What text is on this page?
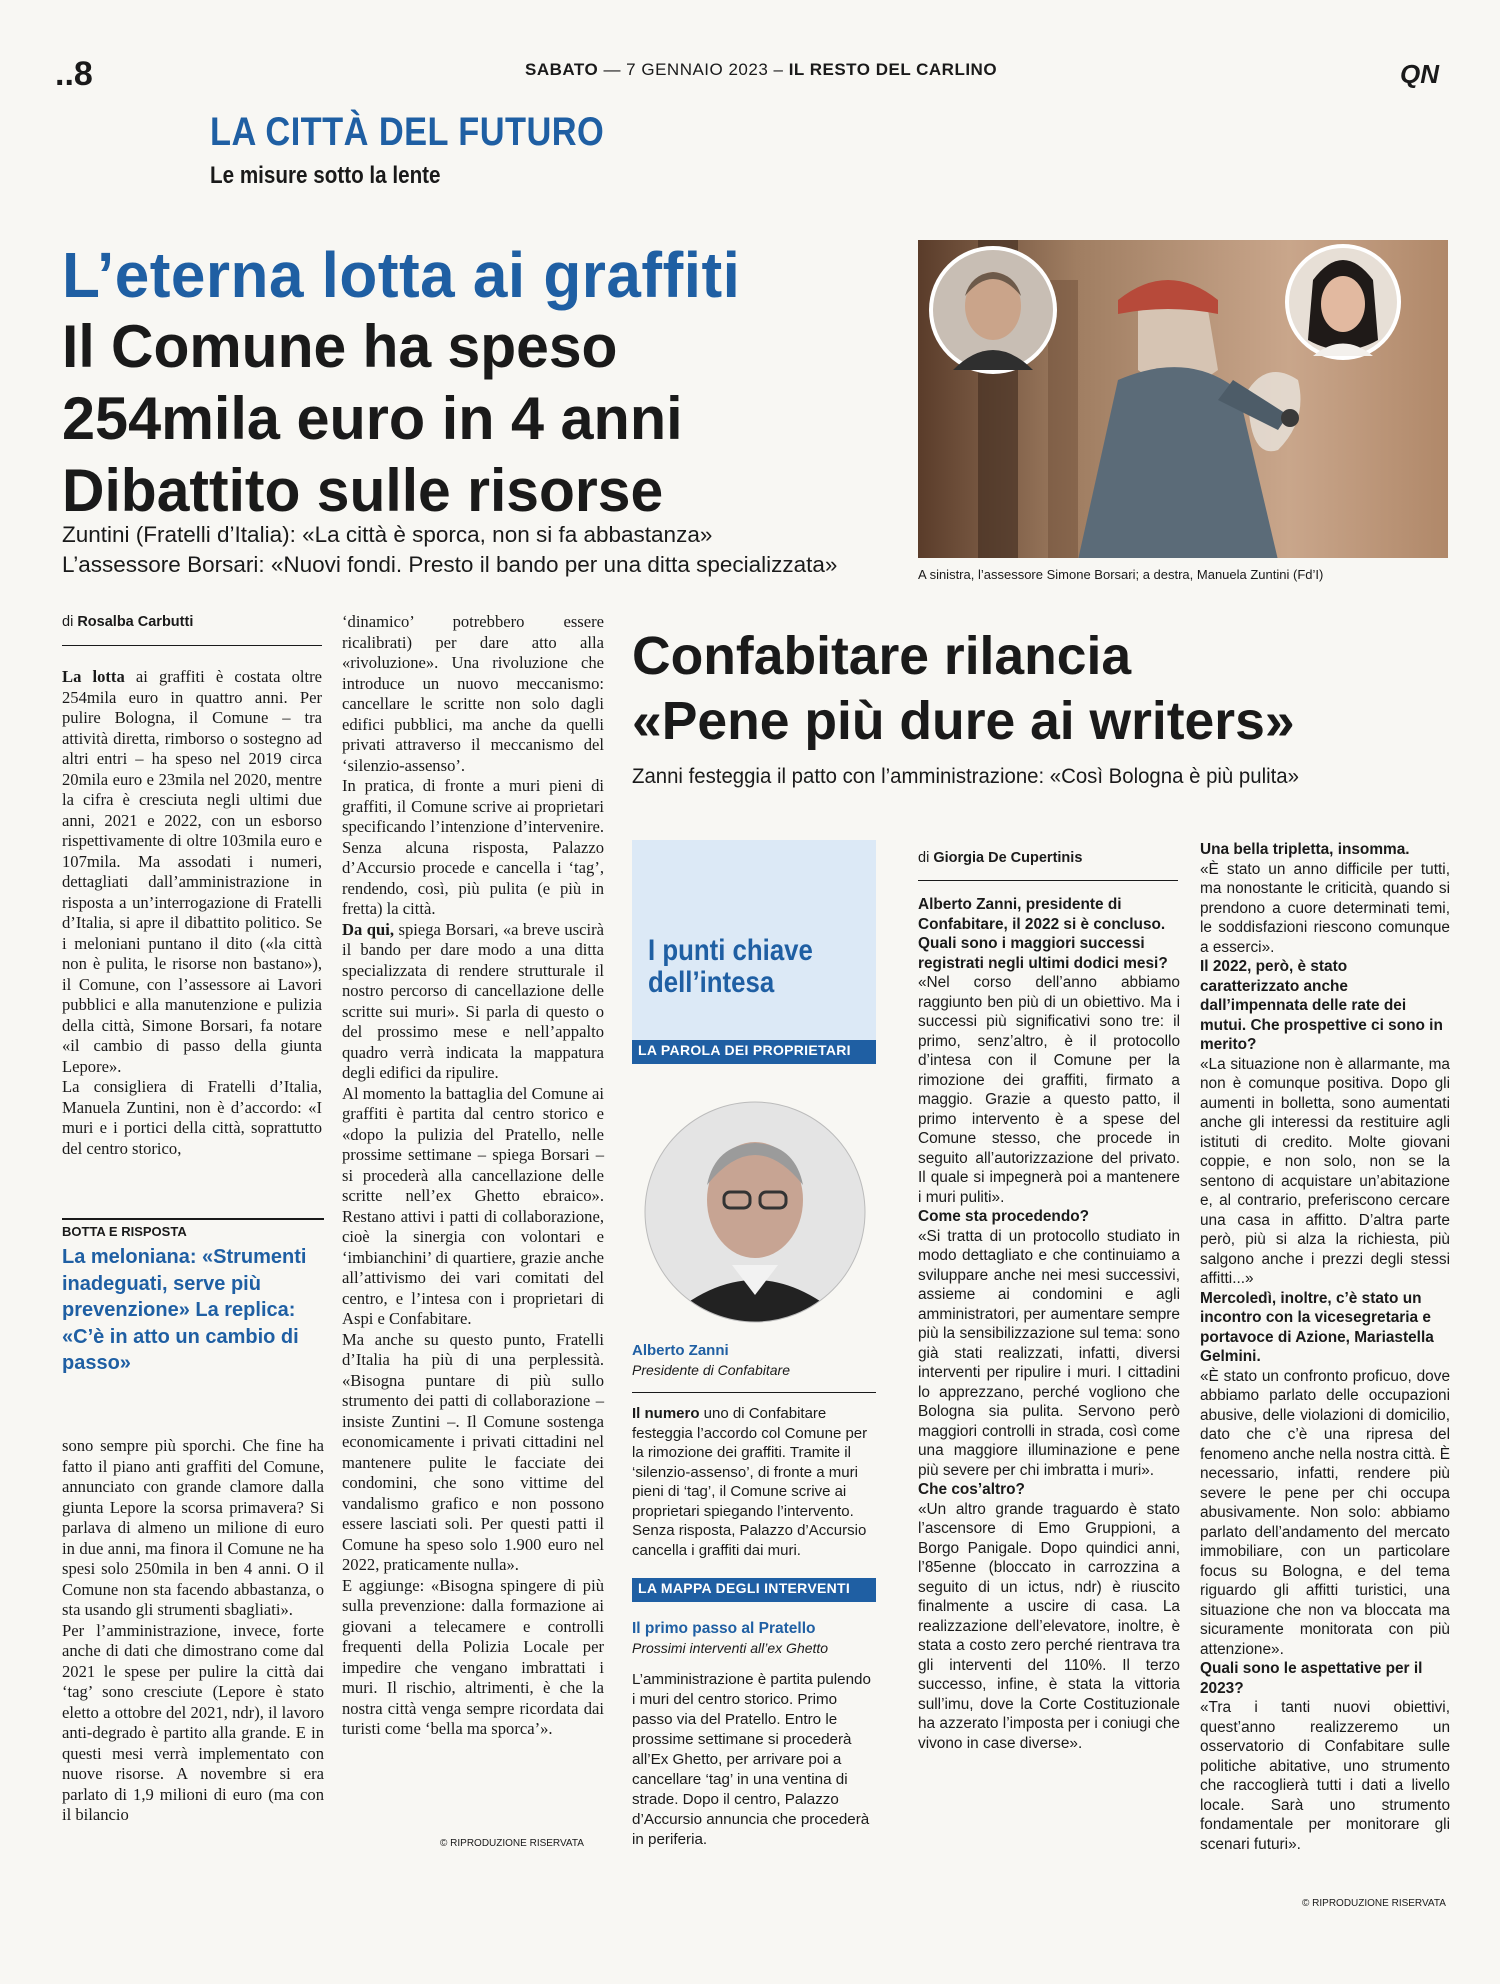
..8	SABATO — 7 GENNAIO 2023 – IL RESTO DEL CARLINO	QN
LA CITTÀ DEL FUTURO
Le misure sotto la lente
L’eterna lotta ai graffiti
Il Comune ha speso
254mila euro in 4 anni
Dibattito sulle risorse
Zuntini (Fratelli d’Italia): «La città è sporca, non si fa abbastanza»
L’assessore Borsari: «Nuovi fondi. Presto il bando per una ditta specializzata»	A sinistra, l’assessore Simone Borsari; a destra, Manuela Zuntini (Fd’I)
di Rosalba Carbutti

La lotta ai graffiti è costata oltre 254mila euro in quattro anni. Per pulire Bologna, il Comune – tra attività diretta, rimborso o sostegno ad altri entri – ha speso nel 2019 circa 20mila euro e 23mila nel 2020, mentre la cifra è cresciuta negli ultimi due anni, 2021 e 2022, con un esborso rispettivamente di oltre 103mila euro e 107mila. Ma assodati i numeri, dettagliati dall’amministrazione in risposta a un’interrogazione di Fratelli d’Italia, si apre il dibattito politico. Se i meloniani puntano il dito («la città non è pulita, le risorse non bastano»), il Comune, con l’assessore ai Lavori pubblici e alla manutenzione e pulizia della città, Simone Borsari, fa notare «il cambio di passo della giunta Lepore».

La consigliera di Fratelli d’Italia, Manuela Zuntini, non è d’accordo: «I muri e i portici della città, soprattutto del centro storico,

BOTTA E RISPOSTA
La meloniana: «Strumenti inadeguati, serve più prevenzione» La replica: «C’è in atto un cambio di passo»

sono sempre più sporchi. Che fine ha fatto il piano anti graffiti del Comune, annunciato con grande clamore dalla giunta Lepore la scorsa primavera? Si parlava di almeno un milione di euro in due anni, ma finora il Comune ne ha spesi solo 250mila in ben 4 anni. O il Comune non sta facendo abbastanza, o sta usando gli strumenti sbagliati».

Per l’amministrazione, invece, forte anche di dati che dimostrano come dal 2021 le spese per pulire la città dai ‘tag’ sono cresciute (Lepore è stato eletto a ottobre del 2021, ndr), il lavoro anti-degrado è partito alla grande. E in questi mesi verrà implementato con nuove risorse. A novembre si era parlato di 1,9 milioni di euro (ma con il bilancio

‘dinamico’ potrebbero essere ricalibrati) per dare atto alla «rivoluzione». Una rivoluzione che introduce un nuovo meccanismo: cancellare le scritte non solo dagli edifici pubblici, ma anche da quelli privati attraverso il meccanismo del ‘silenzio-assenso’.

In pratica, di fronte a muri pieni di graffiti, il Comune scrive ai proprietari specificando l’intenzione d’intervenire. Senza alcuna risposta, Palazzo d’Accursio procede e cancella i ‘tag’, rendendo, così, più pulita (e più in fretta) la città.

Da qui, spiega Borsari, «a breve uscirà il bando per dare modo a una ditta specializzata di rendere strutturale il nostro percorso di cancellazione delle scritte sui muri». Si parla di questo o del prossimo mese e nell’appalto quadro verrà indicata la mappatura degli edifici da ripulire.

Al momento la battaglia del Comune ai graffiti è partita dal centro storico e «dopo la pulizia del Pratello, nelle prossime settimane – spiega Borsari – si procederà alla cancellazione delle scritte nell’ex Ghetto ebraico». Restano attivi i patti di collaborazione, cioè la sinergia con volontari e ‘imbianchini’ di quartiere, grazie anche all’attivismo dei vari comitati del centro, e l’intesa con i proprietari di Aspi e Confabitare.

Ma anche su questo punto, Fratelli d’Italia ha più di una perplessità. «Bisogna puntare di più sullo strumento dei patti di collaborazione – insiste Zuntini –. Il Comune sostenga economicamente i privati cittadini nel mantenere pulite le facciate dei condomini, che sono vittime del vandalismo grafico e non possono essere lasciati soli. Per questi patti il Comune ha speso solo 1.900 euro nel 2022, praticamente nulla».

E aggiunge: «Bisogna spingere di più sulla prevenzione: dalla formazione ai giovani a telecamere e controlli frequenti della Polizia Locale per impedire che vengano imbrattati i muri. Il rischio, altrimenti, è che la nostra città venga sempre ricordata dai turisti come ‘bella ma sporca’».

© RIPRODUZIONE RISERVATA
Confabitare rilancia
«Pene più dure ai writers»
Zanni festeggia il patto con l’amministrazione: «Così Bologna è più pulita»
I punti chiave
dell’intesa
LA PAROLA DEI PROPRIETARI
Alberto Zanni
Presidente di Confabitare
Il numero uno di Confabitare festeggia l’accordo col Comune per la rimozione dei graffiti. Tramite il ‘silenzio-assenso’, di fronte a muri pieni di ‘tag’, il Comune scrive ai proprietari spiegando l’intervento. Senza risposta, Palazzo d’Accursio cancella i graffiti dai muri.
LA MAPPA DEGLI INTERVENTI
Il primo passo al Pratello
Prossimi interventi all’ex Ghetto
L’amministrazione è partita pulendo i muri del centro storico. Primo passo via del Pratello. Entro le prossime settimane si procederà all’Ex Ghetto, per arrivare poi a cancellare ‘tag’ in una ventina di strade. Dopo il centro, Palazzo d’Accursio annuncia che procederà in periferia.
di Giorgia De Cupertinis

Alberto Zanni, presidente di Confabitare, il 2022 si è concluso. Quali sono i maggiori successi registrati negli ultimi dodici mesi?

«Nel corso dell’anno abbiamo raggiunto ben più di un obiettivo. Ma i successi più significativi sono tre: il primo, senz’altro, è il protocollo d’intesa con il Comune per la rimozione dei graffiti, firmato a maggio. Grazie a questo patto, il primo intervento è a spese del Comune stesso, che procede in seguito all’autorizzazione del privato. Il quale si impegnerà poi a mantenere i muri puliti».

Come sta procedendo?

«Si tratta di un protocollo studiato in modo dettagliato e che continuiamo a sviluppare anche nei mesi successivi, assieme ai condomini e agli amministratori, per aumentare sempre più la sensibilizzazione sul tema: sono già stati realizzati, infatti, diversi interventi per ripulire i muri. I cittadini lo apprezzano, perché vogliono che Bologna sia pulita. Servono però maggiori controlli in strada, così come una maggiore illuminazione e pene più severe per chi imbratta i muri».

Che cos’altro?

«Un altro grande traguardo è stato l’ascensore di Emo Gruppioni, a Borgo Panigale. Dopo quindici anni, l’85enne (bloccato in carrozzina a seguito di un ictus, ndr) è riuscito finalmente a uscire di casa. La realizzazione dell’elevatore, inoltre, è stata a costo zero perché rientrava tra gli interventi del 110%. Il terzo successo, infine, è stata la vittoria sull’imu, dove la Corte Costituzionale ha azzerato l’imposta per i coniugi che vivono in case diverse».

Una bella tripletta, insomma.

«È stato un anno difficile per tutti, ma nonostante le criticità, quando si prendono a cuore determinati temi, le soddisfazioni riescono comunque a esserci».

Il 2022, però, è stato caratterizzato anche dall’impennata delle rate dei mutui. Che prospettive ci sono in merito?

«La situazione non è allarmante, ma non è comunque positiva. Dopo gli aumenti in bolletta, sono aumentati anche gli interessi da restituire agli istituti di credito. Molte giovani coppie, e non solo, non se la sentono di acquistare un’abitazione e, al contrario, preferiscono cercare una casa in affitto. D’altra parte però, più si alza la richiesta, più salgono anche i prezzi degli stessi affitti...»

Mercoledì, inoltre, c’è stato un incontro con la vicesegretaria e portavoce di Azione, Mariastella Gelmini.

«È stato un confronto proficuo, dove abbiamo parlato delle occupazioni abusive, delle violazioni di domicilio, dato che c’è una ripresa del fenomeno anche nella nostra città. È necessario, infatti, rendere più severe le pene per chi occupa abusivamente. Non solo: abbiamo parlato dell’andamento del mercato immobiliare, con un particolare focus su Bologna, e del tema riguardo gli affitti turistici, una situazione che non va bloccata ma sicuramente monitorata con più attenzione».

Quali sono le aspettative per il 2023?

«Tra i tanti nuovi obiettivi, quest’anno realizzeremo un osservatorio di Confabitare sulle politiche abitative, uno strumento che raccoglierà tutti i dati a livello locale. Sarà uno strumento fondamentale per monitorare gli scenari futuri».

© RIPRODUZIONE RISERVATA
